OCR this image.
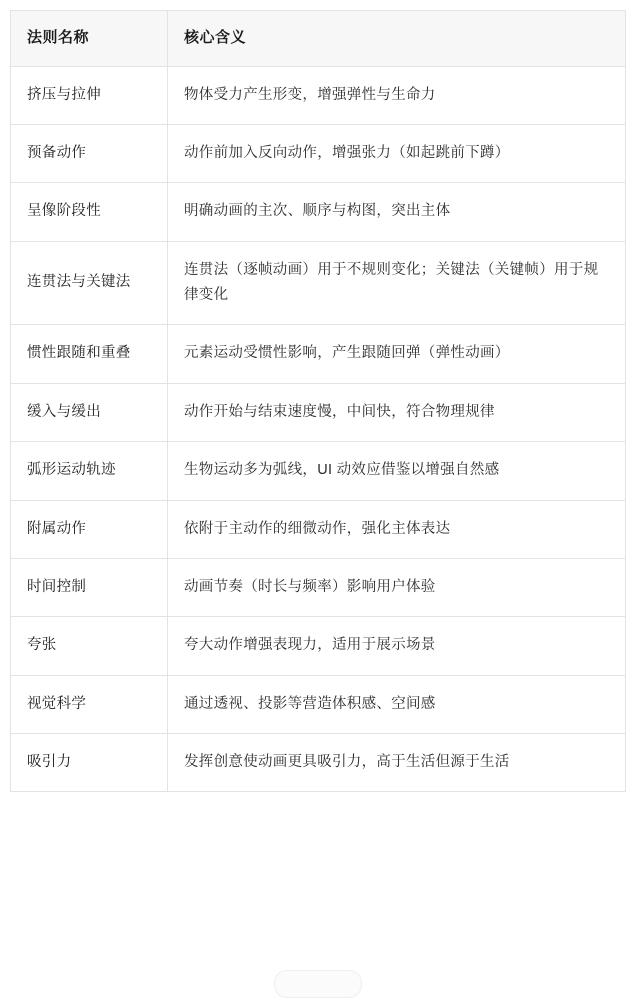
法则名称	核心含义
挤压与拉伸	物体受力产生形变，增强弹性与生命力
预备动作	动作前加入反向动作，增强张力（如起跳前下蹲）
呈像阶段性	明确动画的主次、顺序与构图，突出主体
连贯法与关键法	连贯法（逐帧动画）用于不规则变化；关键法（关键帧）用于规律变化
惯性跟随和重叠	元素运动受惯性影响，产生跟随回弹（弹性动画）
缓入与缓出	动作开始与结束速度慢，中间快，符合物理规律
弧形运动轨迹	生物运动多为弧线，UI 动效应借鉴以增强自然感
附属动作	依附于主动作的细微动作，强化主体表达
时间控制	动画节奏（时长与频率）影响用户体验
夸张	夸大动作增强表现力，适用于展示场景
视觉科学	通过透视、投影等营造体积感、空间感
吸引力	发挥创意使动画更具吸引力，高于生活但源于生活
